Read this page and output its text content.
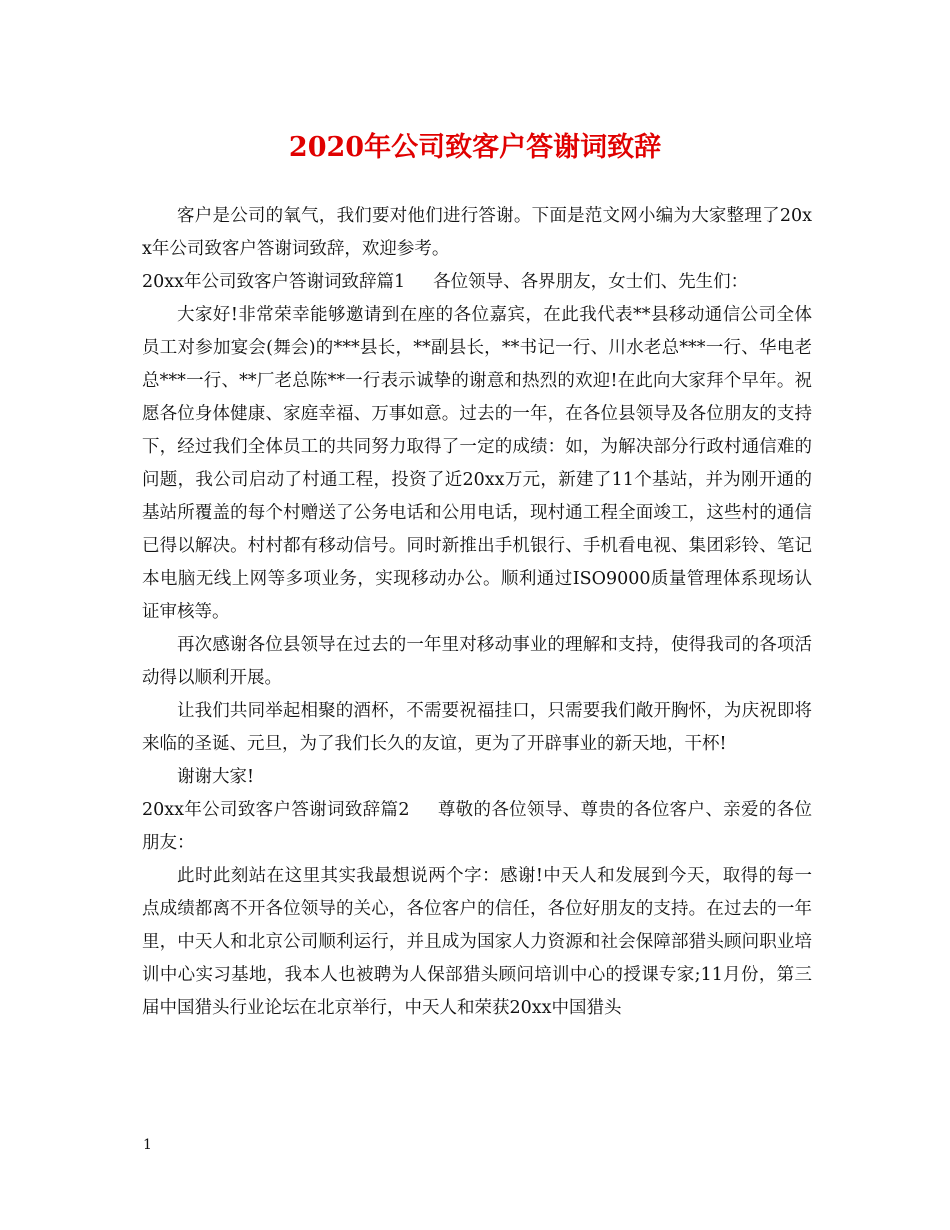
2020年公司致客户答谢词致辞

客户是公司的氧气，我们要对他们进行答谢。下面是范文网小编为大家整理了20xx年公司致客户答谢词致辞，欢迎参考。

20xx年公司致客户答谢词致辞篇1 各位领导、各界朋友，女士们、先生们：

大家好!非常荣幸能够邀请到在座的各位嘉宾，在此我代表**县移动通信公司全体员工对参加宴会(舞会)的***县长，**副县长，**书记一行、川水老总***一行、华电老总***一行、**厂老总陈**一行表示诚挚的谢意和热烈的欢迎!在此向大家拜个早年。祝愿各位身体健康、家庭幸福、万事如意。过去的一年，在各位县领导及各位朋友的支持下，经过我们全体员工的共同努力取得了一定的成绩：如，为解决部分行政村通信难的问题，我公司启动了村通工程，投资了近20xx万元，新建了11个基站，并为刚开通的基站所覆盖的每个村赠送了公务电话和公用电话，现村通工程全面竣工，这些村的通信已得以解决。村村都有移动信号。同时新推出手机银行、手机看电视、集团彩铃、笔记本电脑无线上网等多项业务，实现移动办公。顺利通过ISO9000质量管理体系现场认证审核等。

再次感谢各位县领导在过去的一年里对移动事业的理解和支持，使得我司的各项活动得以顺利开展。

让我们共同举起相聚的酒杯，不需要祝福挂口，只需要我们敞开胸怀，为庆祝即将来临的圣诞、元旦，为了我们长久的友谊，更为了开辟事业的新天地，干杯!

谢谢大家!

20xx年公司致客户答谢词致辞篇2 尊敬的各位领导、尊贵的各位客户、亲爱的各位朋友：

此时此刻站在这里其实我最想说两个字：感谢!中天人和发展到今天，取得的每一点成绩都离不开各位领导的关心，各位客户的信任，各位好朋友的支持。在过去的一年里，中天人和北京公司顺利运行，并且成为国家人力资源和社会保障部猎头顾问职业培训中心实习基地，我本人也被聘为人保部猎头顾问培训中心的授课专家;11月份，第三届中国猎头行业论坛在北京举行，中天人和荣获20xx中国猎头

1
